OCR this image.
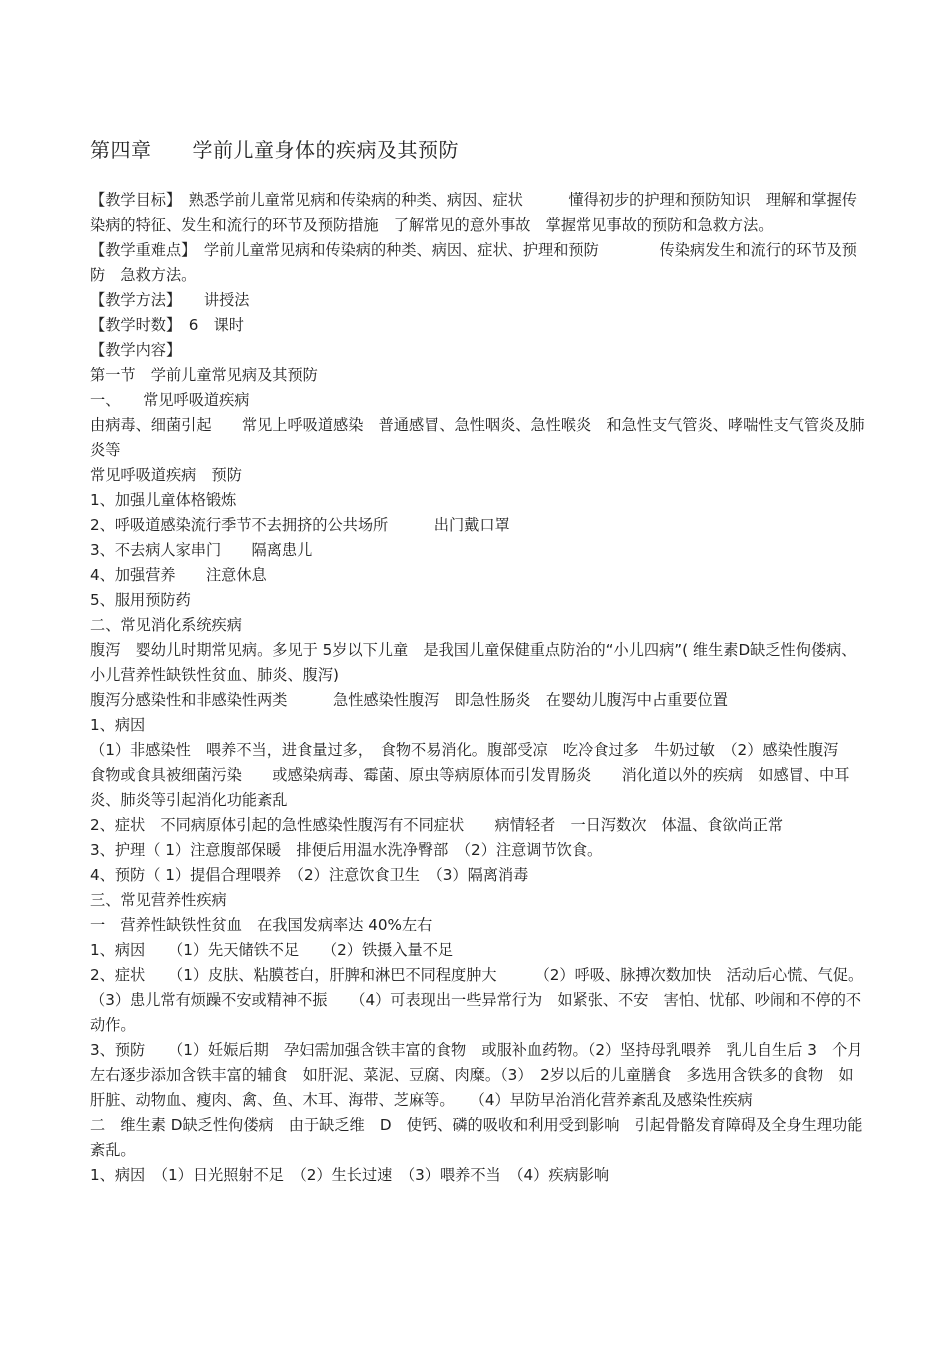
第四章　　学前儿童身体的疾病及其预防

【教学目标】　熟悉学前儿童常见病和传染病的种类、病因、症状　　　懂得初步的护理和预防知识　理解和掌握传染病的特征、发生和流行的环节及预防措施　了解常见的意外事故　掌握常见事故的预防和急救方法。

【教学重难点】　学前儿童常见病和传染病的种类、病因、症状、护理和预防　　　　传染病发生和流行的环节及预防　急救方法。

【教学方法】　　讲授法

【教学时数】　6　课时

【教学内容】

第一节　学前儿童常见病及其预防

一、　　常见呼吸道疾病

由病毒、细菌引起　　常见上呼吸道感染　普通感冒、急性咽炎、急性喉炎　和急性支气管炎、哮喘性支气管炎及肺炎等

常见呼吸道疾病　预防

1、加强儿童体格锻炼

2、呼吸道感染流行季节不去拥挤的公共场所　　　出门戴口罩

3、不去病人家串门　　隔离患儿

4、加强营养　　注意休息

5、服用预防药

二、常见消化系统疾病

腹泻　婴幼儿时期常见病。多见于 5岁以下儿童　是我国儿童保健重点防治的“小儿四病”( 维生素D缺乏性佝偻病、小儿营养性缺铁性贫血、肺炎、腹泻)

腹泻分感染性和非感染性两类　　　急性感染性腹泻　即急性肠炎　在婴幼儿腹泻中占重要位置

1、病因

（1）非感染性　喂养不当，进食量过多，　食物不易消化。腹部受凉　吃冷食过多　牛奶过敏　（2）感染性腹泻　食物或食具被细菌污染　　或感染病毒、霉菌、原虫等病原体而引发胃肠炎　　消化道以外的疾病　如感冒、中耳炎、肺炎等引起消化功能紊乱

2、症状　不同病原体引起的急性感染性腹泻有不同症状　　病情轻者　一日泻数次　体温、食欲尚正常

3、护理（ 1）注意腹部保暖　排便后用温水洗净臀部　（2）注意调节饮食。

4、预防（ 1）提倡合理喂养　（2）注意饮食卫生　（3）隔离消毒

三、常见营养性疾病

一　营养性缺铁性贫血　在我国发病率达 40%左右

1、病因　　（1）先天储铁不足　　（2）铁摄入量不足

2、症状　　（1）皮肤、粘膜苍白，肝脾和淋巴不同程度肿大　　　（2）呼吸、脉搏次数加快　活动后心慌、气促。（3）患儿常有烦躁不安或精神不振　　（4）可表现出一些异常行为　如紧张、不安　害怕、忧郁、吵闹和不停的不动作。

3、预防　　（1）妊娠后期　孕妇需加强含铁丰富的食物　或服补血药物。（2）坚持母乳喂养　乳儿自生后 3　个月左右逐步添加含铁丰富的辅食　如肝泥、菜泥、豆腐、肉糜。（3）　2岁以后的儿童膳食　多选用含铁多的食物　如肝脏、动物血、瘦肉、禽、鱼、木耳、海带、芝麻等。　　（4）早防早治消化营养紊乱及感染性疾病

二　维生素 D缺乏性佝偻病　由于缺乏维　D　使钙、磷的吸收和利用受到影响　引起骨骼发育障碍及全身生理功能紊乱。

1、病因　（1）日光照射不足　（2）生长过速　（3）喂养不当　（4）疾病影响
